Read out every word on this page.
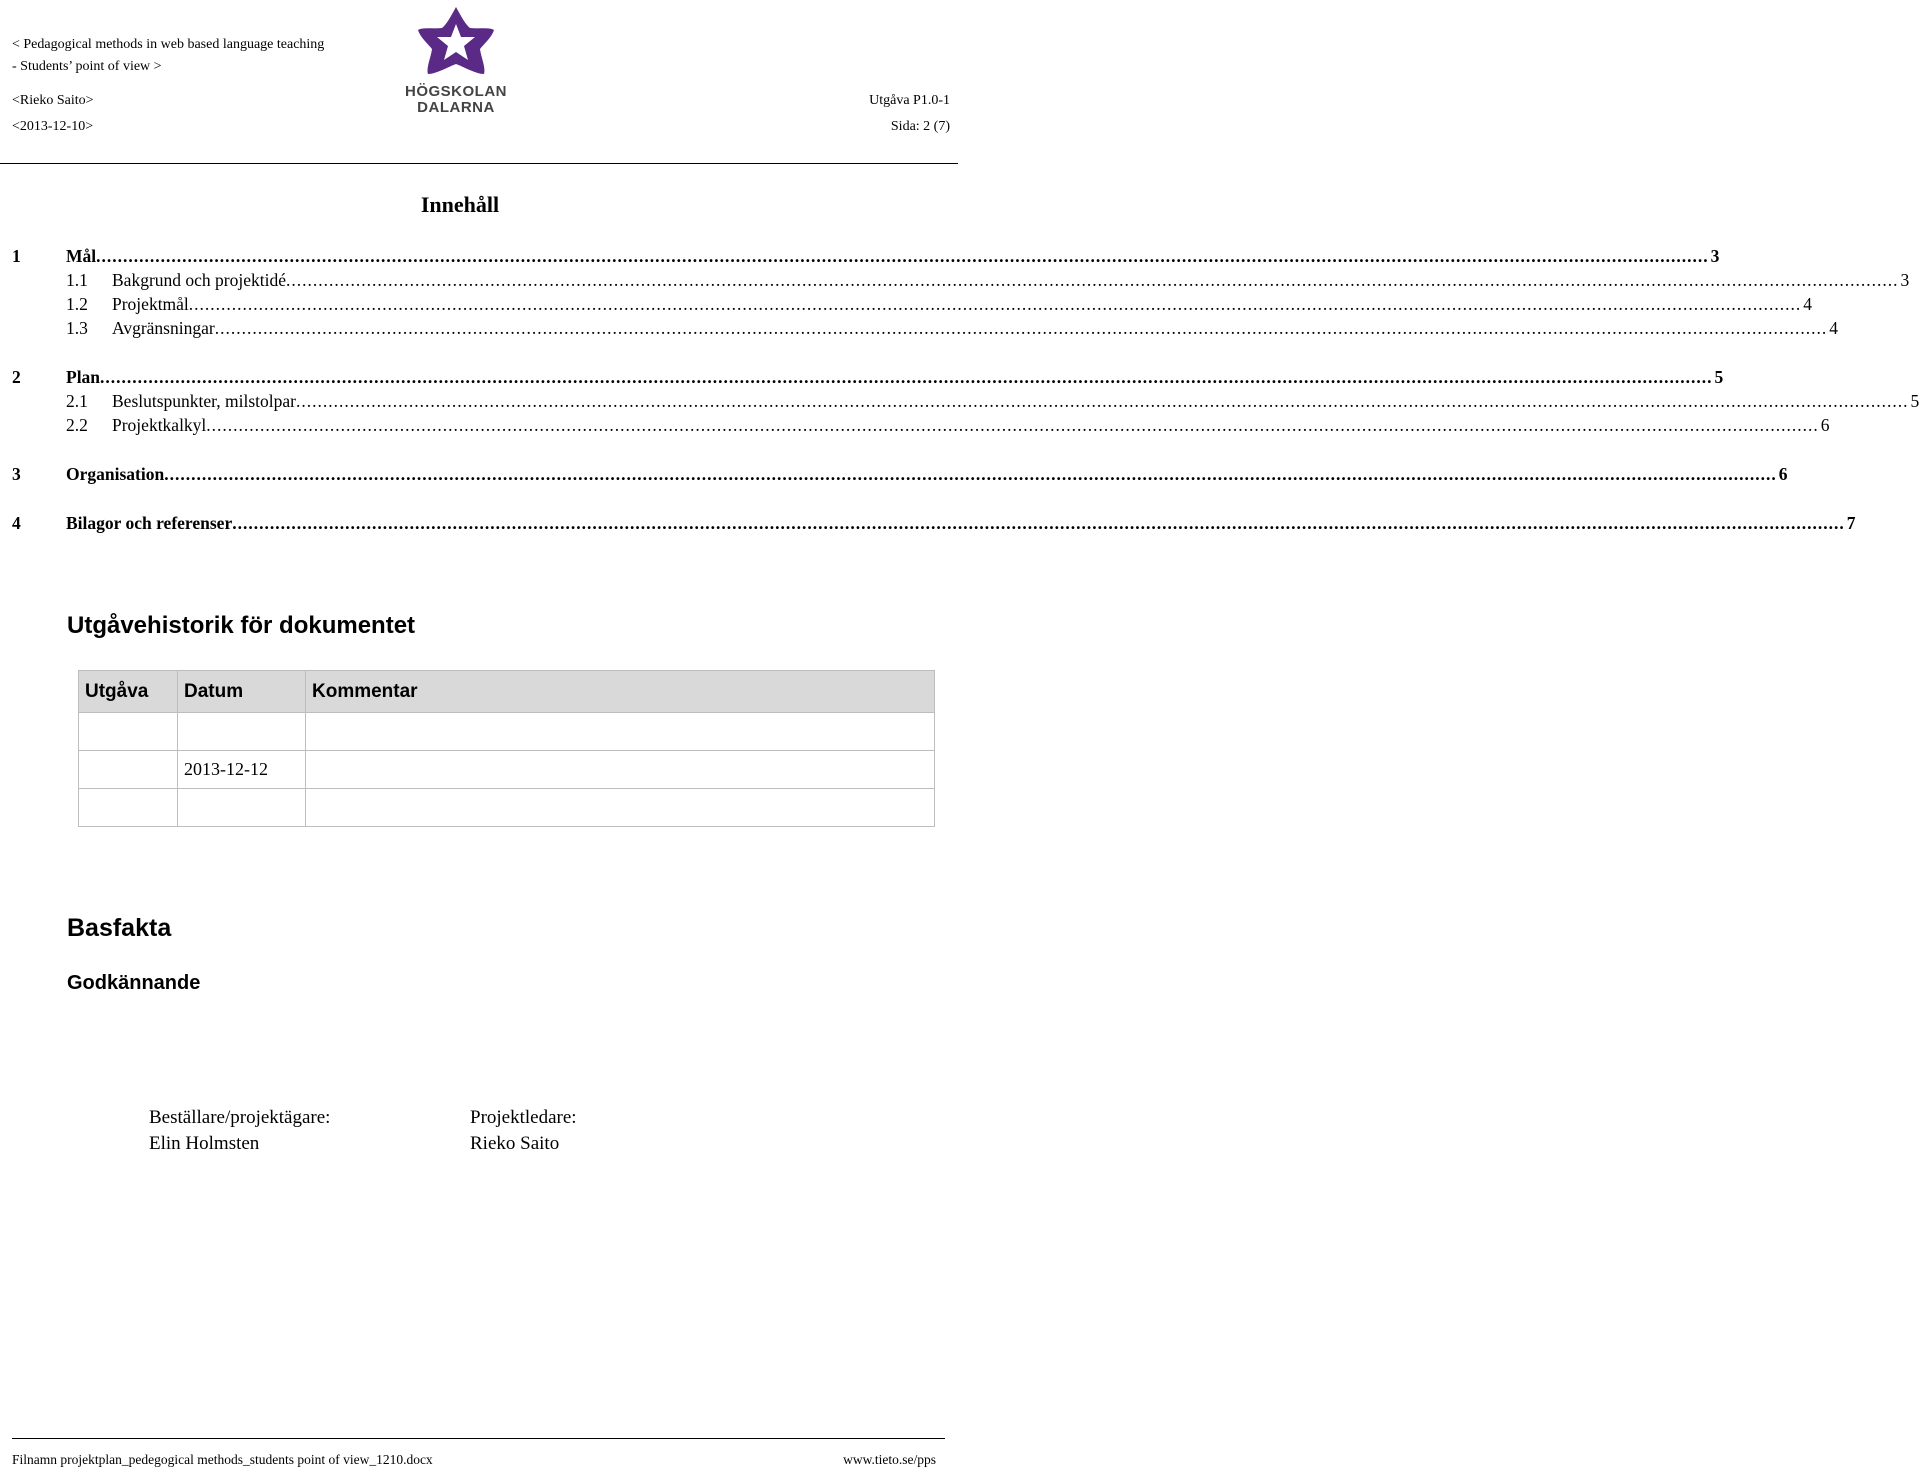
< Pedagogical methods in web based language teaching
- Students’ point of view >
<Rieko Saito>
<2013-12-10>
Utgåva P1.0-1
Sida: 2 (7)
HÖGSKOLAN
DALARNA
Innehåll
1	Mål ............................................................................................................................................................................................................................................................................................................ 3
1.1	Bakgrund och projektidé ............................................................................................................................................................................................................................................................................................................ 3
1.2	Projektmål ............................................................................................................................................................................................................................................................................................................ 4
1.3	Avgränsningar ............................................................................................................................................................................................................................................................................................................ 4
2	Plan ............................................................................................................................................................................................................................................................................................................ 5
2.1	Beslutspunkter, milstolpar ............................................................................................................................................................................................................................................................................................................ 5
2.2	Projektkalkyl ............................................................................................................................................................................................................................................................................................................ 6
3	Organisation ............................................................................................................................................................................................................................................................................................................ 6
4	Bilagor och referenser ............................................................................................................................................................................................................................................................................................................ 7
Utgåvehistorik för dokumentet
Utgåva	Datum	Kommentar

	2013-12-12	

Basfakta
Godkännande
Beställare/projektägare:
Elin Holmsten
Projektledare:
Rieko Saito
Filnamn projektplan_pedegogical methods_students point of view_1210.docx	www.tieto.se/pps
